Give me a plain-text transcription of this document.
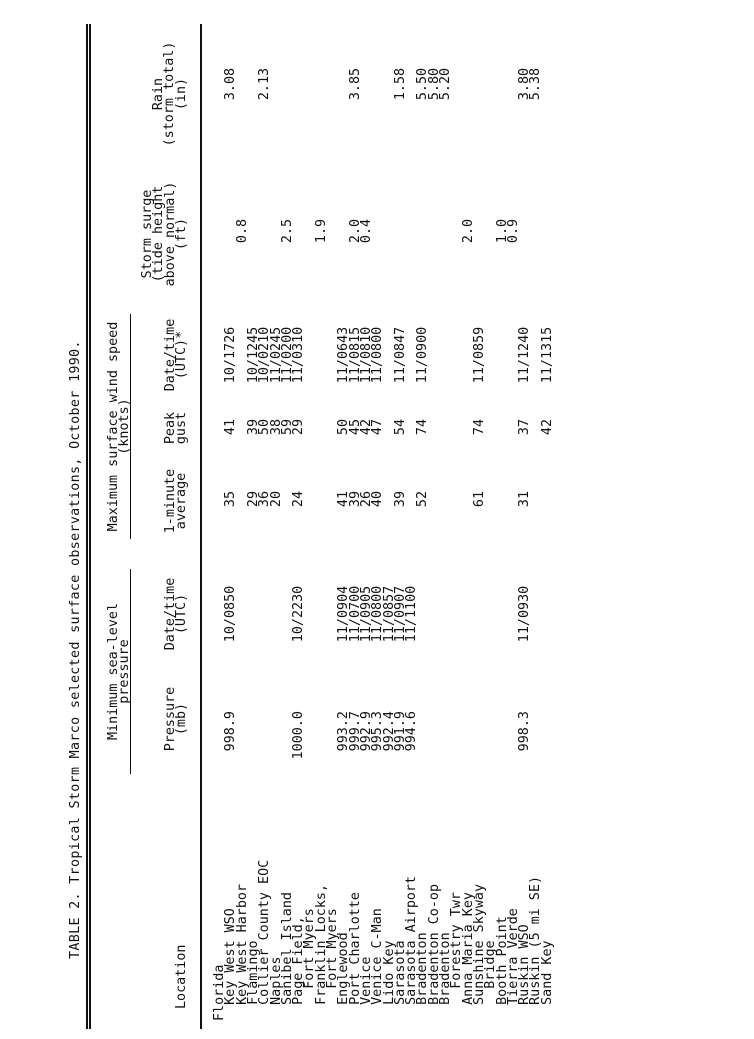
TABLE 2. Tropical Storm Marco selected surface observations, October 1990.
Location
Minimum sea-level
pressure
Pressure
(mb)
Date/time
(UTC)
Maximum surface wind speed
(knots)
1-minute
average
Peak
gust
Date/time
(UTC)*
Storm surge
(tide height
above normal)
(ft)
Rain
(storm total)
(in)
Florida
Key West WSO
998.9
10/0850
35
41
10/1726
3.08
Key West Harbor
0.8
Flamingo
29
39
10/1245
Collier County EOC
36
50
10/0210
2.13
Naples
20
38
11/0245
Sanibel Island
59
11/0200
2.5
Page Field,
1000.0
10/2230
24
29
11/0310
Fort Myers
Franklin Locks,
1.9
Fort Myers
Englewood
993.2
11/0904
41
50
11/0643
Port Charlotte
999.7
11/0700
39
45
11/0815
2.0
3.85
Venice
992.9
11/0905
26
42
11/0810
0.4
Venice C-Man
995.3
11/0800
40
47
11/0800
Lido Key
992.4
11/0857
Sarasota
991.9
11/0907
39
54
11/0847
1.58
Sarasota Airport
994.6
11/1100
Bradenton
52
74
11/0900
5.50
Bradenton Co-op
5.80
Bradenton
5.20
Forestry Twr
Anna Maria Key
2.0
Sunshine Skyway
61
74
11/0859
Bridge
Booth Point
1.0
Tierra Verde
0.9
Ruskin WSO
998.3
11/0930
31
37
11/1240
3.80
Ruskin (5 mi SE)
5.38
Sand Key
42
11/1315
